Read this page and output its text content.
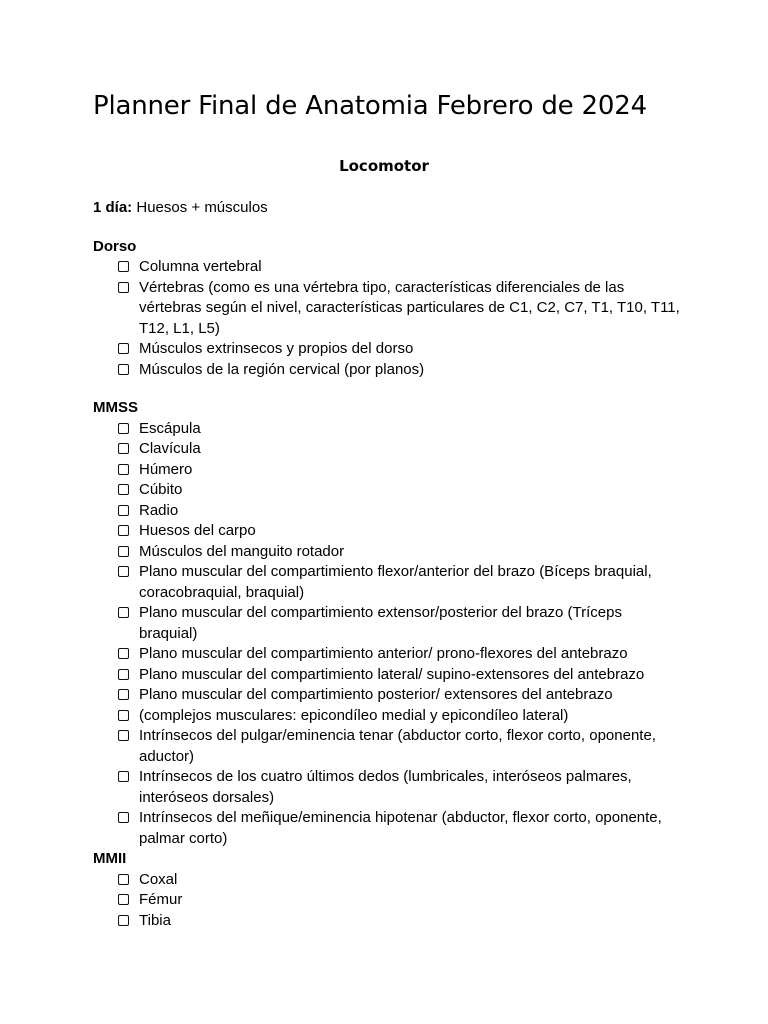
Planner Final de Anatomia Febrero de 2024
Locomotor

1 día: Huesos + músculos

Dorso

Columna vertebral
Vértebras (como es una vértebra tipo, características diferenciales de las vértebras según el nivel, características particulares de C1, C2, C7, T1, T10, T11, T12, L1, L5)
Músculos extrinsecos y propios del dorso
Músculos de la región cervical (por planos)

MMSS

Escápula
Clavícula
Húmero
Cúbito
Radio
Huesos del carpo
Músculos del manguito rotador
Plano muscular del compartimiento flexor/anterior del brazo (Bíceps braquial, coracobraquial, braquial)
Plano muscular del compartimiento extensor/posterior del brazo (Tríceps braquial)
Plano muscular del compartimiento anterior/ prono-flexores del antebrazo
Plano muscular del compartimiento lateral/ supino-extensores del antebrazo
Plano muscular del compartimiento posterior/ extensores del antebrazo
(complejos musculares: epicondíleo medial y epicondíleo lateral)
Intrínsecos del pulgar/eminencia tenar (abductor corto, flexor corto, oponente, aductor)
Intrínsecos de los cuatro últimos dedos (lumbricales, interóseos palmares, interóseos dorsales)
Intrínsecos del meñique/eminencia hipotenar (abductor, flexor corto, oponente, palmar corto)

MMII

Coxal
Fémur
Tibia
